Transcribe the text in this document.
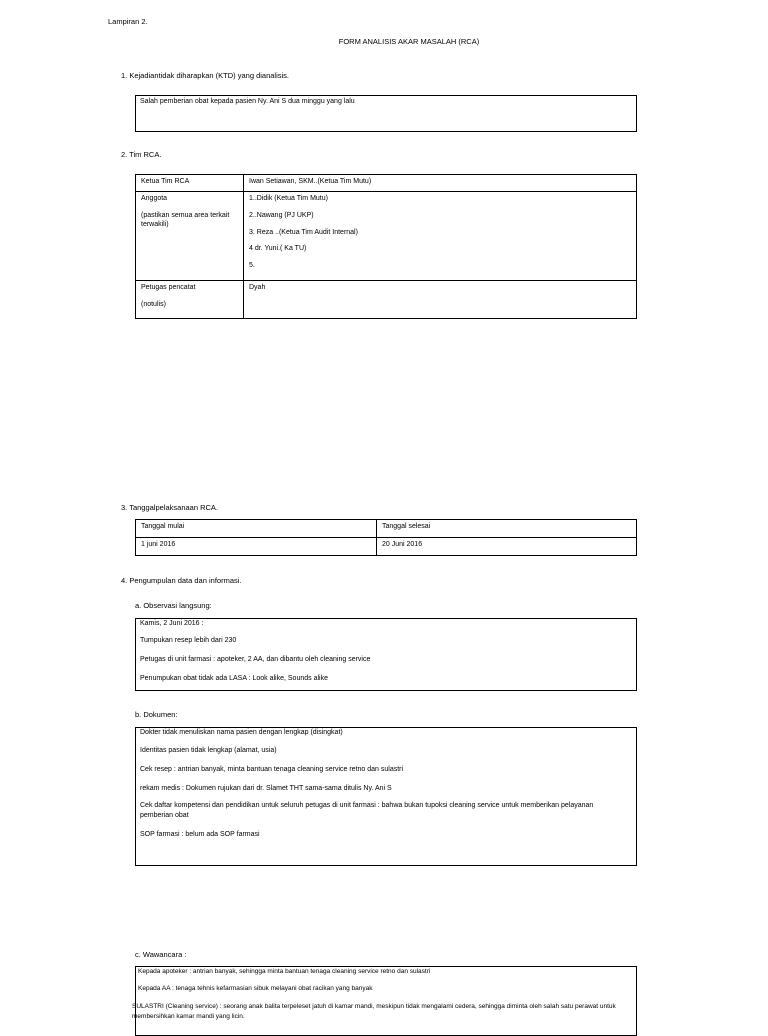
Lampiran 2.
FORM ANALISIS AKAR MASALAH (RCA)
1. Kejadiantidak diharapkan (KTD) yang dianalisis.
Salah pemberian obat kepada pasien Ny. Ani S dua minggu yang lalu
2. Tim RCA.
Ketua Tim RCA	Iwan Setiawan, SKM..(Ketua Tim Mutu)

Anggota
(pastikan semua area terkait terwakili)	1..Didik (Ketua Tim Mutu)
2..Nawang (PJ UKP)
3. Reza ..(Ketua Tim Audit Internal)
4 dr. Yuni.( Ka TU)
5.

Petugas pencatat
(notulis)	Dyah
3. Tanggalpelaksanaan RCA.
Tanggal mulai	Tanggal selesai
1 juni 2016	20 Juni 2016
4. Pengumpulan data dan informasi.
a. Observasi langsung:
Kamis, 2 Juni 2016 :
Tumpukan resep lebih dari 230
Petugas di unit farmasi : apoteker, 2 AA, dan dibantu oleh cleaning service
Penumpukan obat tidak ada LASA : Look alike, Sounds alike
b. Dokumen:
Dokter tidak menuliskan nama pasien dengan lengkap (disingkat)
Identitas pasien tidak lengkap (alamat, usia)
Cek resep : antrian banyak, minta bantuan tenaga cleaning service retno dan sulastri
rekam medis : Dokumen rujukan dari dr. Slamet THT sama-sama ditulis Ny. Ani S
Cek daftar kompetensi dan pendidikan untuk seluruh petugas di unit farmasi : bahwa bukan tupoksi cleaning service untuk memberikan pelayanan pemberian obat
SOP farmasi : belum ada SOP farmasi
c. Wawancara :
Kepada apoteker : antrian banyak, sehingga minta bantuan tenaga cleaning service retno dan sulastri
Kepada AA : tenaga tehnis kefarmasian sibuk melayani obat racikan yang banyak
SULASTRI (Cleaning service) : seorang anak balita terpeleset jatuh di kamar mandi, meskipun tidak mengalami cedera, sehingga diminta oleh salah satu perawat untuk membersihkan kamar mandi yang licin.
